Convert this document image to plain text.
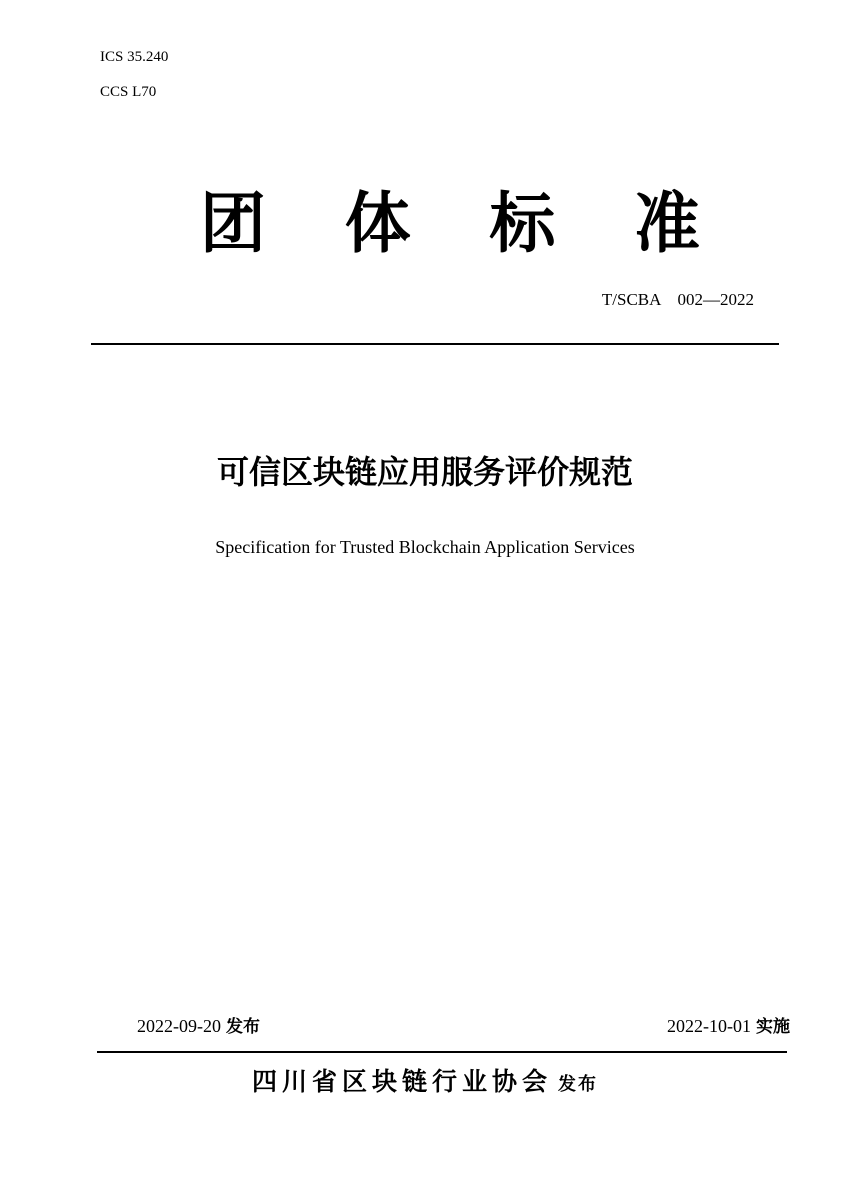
ICS 35.240
CCS L70
团 体 标 准
T/SCBA    002—2022
可信区块链应用服务评价规范
Specification for Trusted Blockchain Application Services
2022-09-20 发布	2022-10-01 实施
四川省区块链行业协会 发布
